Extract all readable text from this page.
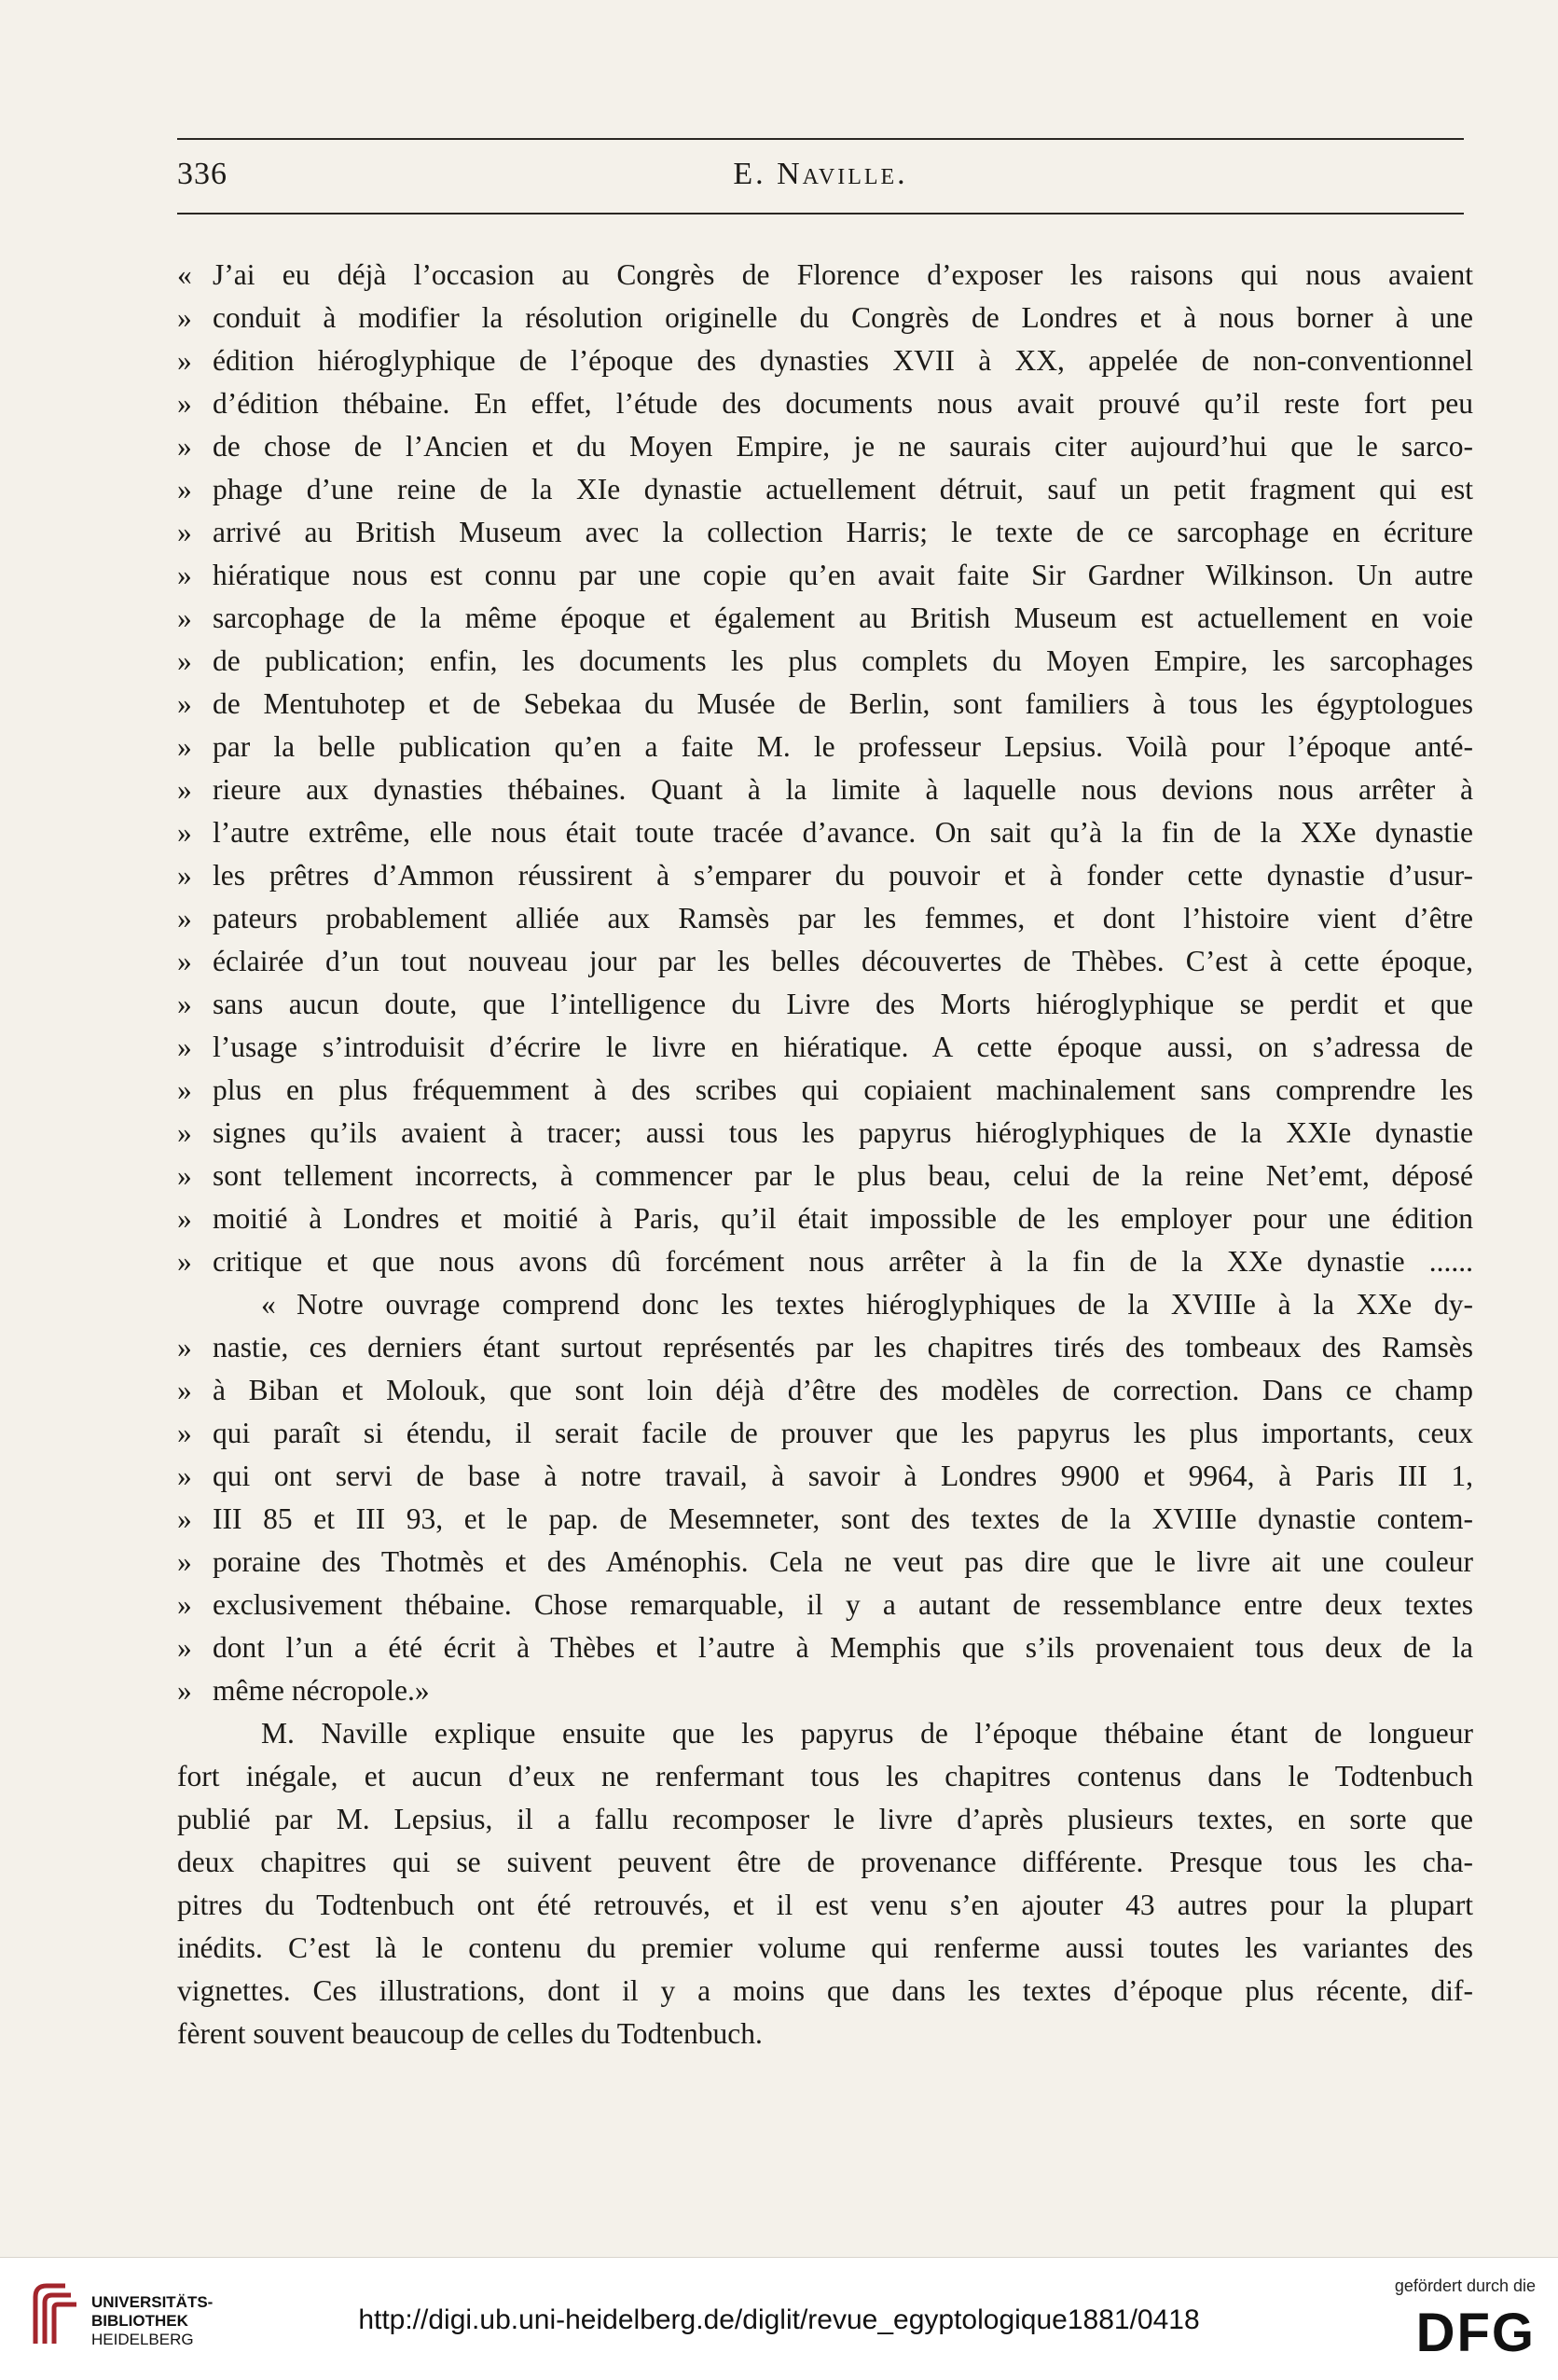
336	E. Naville.
« J’ai eu déjà l’occasion au Congrès de Florence d’exposer les raisons qui nous avaient
» conduit à modifier la résolution originelle du Congrès de Londres et à nous borner à une
» édition hiéroglyphique de l’époque des dynasties XVII à XX, appelée de non-conventionnel
» d’édition thébaine. En effet, l’étude des documents nous avait prouvé qu’il reste fort peu
» de chose de l’Ancien et du Moyen Empire, je ne saurais citer aujourd’hui que le sarco-
» phage d’une reine de la XIe dynastie actuellement détruit, sauf un petit fragment qui est
» arrivé au British Museum avec la collection Harris; le texte de ce sarcophage en écriture
» hiératique nous est connu par une copie qu’en avait faite Sir Gardner Wilkinson. Un autre
» sarcophage de la même époque et également au British Museum est actuellement en voie
» de publication; enfin, les documents les plus complets du Moyen Empire, les sarcophages
» de Mentuhotep et de Sebekaa du Musée de Berlin, sont familiers à tous les égyptologues
» par la belle publication qu’en a faite M. le professeur Lepsius. Voilà pour l’époque anté-
» rieure aux dynasties thébaines. Quant à la limite à laquelle nous devions nous arrêter à
» l’autre extrême, elle nous était toute tracée d’avance. On sait qu’à la fin de la XXe dynastie
» les prêtres d’Ammon réussirent à s’emparer du pouvoir et à fonder cette dynastie d’usur-
» pateurs probablement alliée aux Ramsès par les femmes, et dont l’histoire vient d’être
» éclairée d’un tout nouveau jour par les belles découvertes de Thèbes. C’est à cette époque,
» sans aucun doute, que l’intelligence du Livre des Morts hiéroglyphique se perdit et que
» l’usage s’introduisit d’écrire le livre en hiératique. A cette époque aussi, on s’adressa de
» plus en plus fréquemment à des scribes qui copiaient machinalement sans comprendre les
» signes qu’ils avaient à tracer; aussi tous les papyrus hiéroglyphiques de la XXIe dynastie
» sont tellement incorrects, à commencer par le plus beau, celui de la reine Net’emt, déposé
» moitié à Londres et moitié à Paris, qu’il était impossible de les employer pour une édition
» critique et que nous avons dû forcément nous arrêter à la fin de la XXe dynastie ......
« Notre ouvrage comprend donc les textes hiéroglyphiques de la XVIIIe à la XXe dy-
» nastie, ces derniers étant surtout représentés par les chapitres tirés des tombeaux des Ramsès
» à Biban et Molouk, que sont loin déjà d’être des modèles de correction. Dans ce champ
» qui paraît si étendu, il serait facile de prouver que les papyrus les plus importants, ceux
» qui ont servi de base à notre travail, à savoir à Londres 9900 et 9964, à Paris III 1,
» III 85 et III 93, et le pap. de Mesemneter, sont des textes de la XVIIIe dynastie contem-
» poraine des Thotmès et des Aménophis. Cela ne veut pas dire que le livre ait une couleur
» exclusivement thébaine. Chose remarquable, il y a autant de ressemblance entre deux textes
» dont l’un a été écrit à Thèbes et l’autre à Memphis que s’ils provenaient tous deux de la
» même nécropole.»
M. Naville explique ensuite que les papyrus de l’époque thébaine étant de longueur
fort inégale, et aucun d’eux ne renfermant tous les chapitres contenus dans le Todtenbuch
publié par M. Lepsius, il a fallu recomposer le livre d’après plusieurs textes, en sorte que
deux chapitres qui se suivent peuvent être de provenance différente. Presque tous les cha-
pitres du Todtenbuch ont été retrouvés, et il est venu s’en ajouter 43 autres pour la plupart
inédits. C’est là le contenu du premier volume qui renferme aussi toutes les variantes des
vignettes. Ces illustrations, dont il y a moins que dans les textes d’époque plus récente, dif-
fèrent souvent beaucoup de celles du Todtenbuch.
UNIVERSITÄTS-
BIBLIOTHEK
HEIDELBERG
http://digi.ub.uni-heidelberg.de/diglit/revue_egyptologique1881/0418
gefördert durch die
DFG
